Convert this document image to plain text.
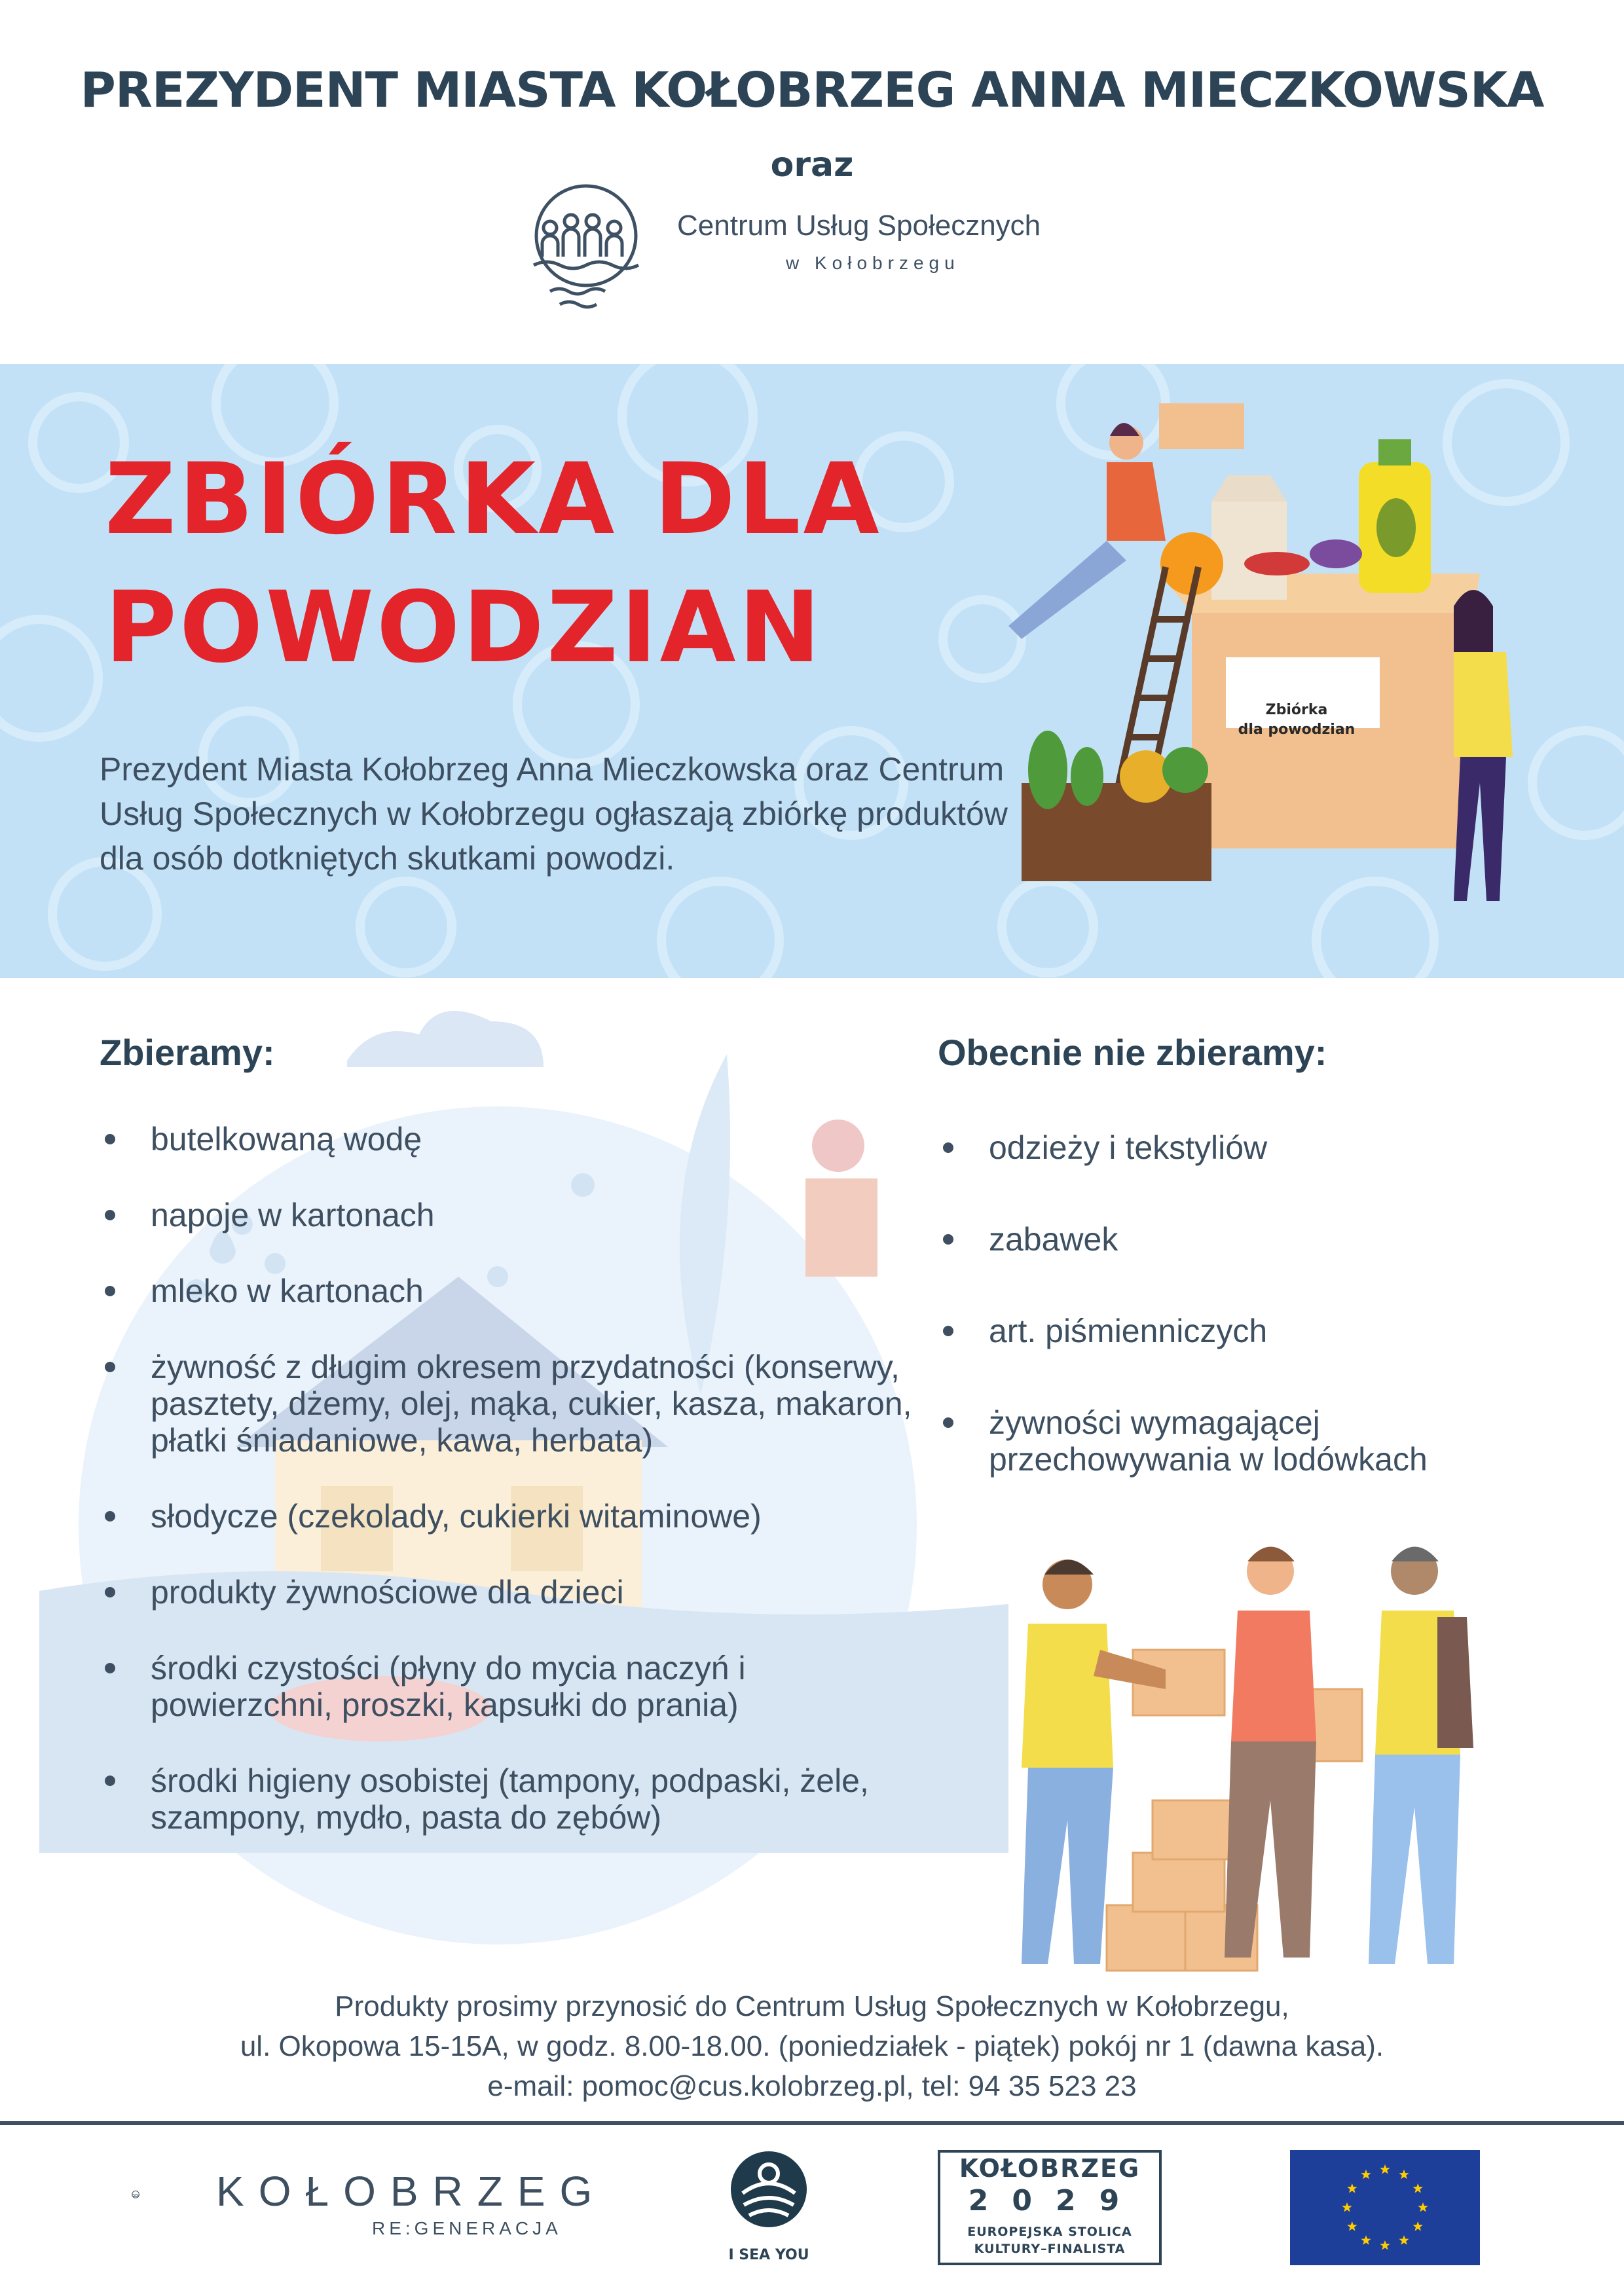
PREZYDENT MIASTA KOŁOBRZEG ANNA MIECZKOWSKA
oraz
Centrum Usług Społecznych
w Kołobrzegu
ZBIÓRKA DLA
POWODZIAN
Prezydent Miasta Kołobrzeg Anna Mieczkowska oraz Centrum Usług Społecznych w Kołobrzegu ogłaszają zbiórkę produktów dla osób dotkniętych skutkami powodzi.
Zbiórka
dla powodzian
Zbieramy:
butelkowaną wodę
napoje w kartonach
mleko w kartonach
żywność z długim okresem przydatności (konserwy, pasztety, dżemy, olej, mąka, cukier, kasza, makaron, płatki śniadaniowe, kawa, herbata)
słodycze (czekolady, cukierki witaminowe)
produkty żywnościowe dla dzieci
środki czystości (płyny do mycia naczyń i powierzchni, proszki, kapsułki do prania)
środki higieny osobistej (tampony, podpaski, żele, szampony, mydło, pasta do zębów)
Obecnie nie zbieramy:
odzieży i tekstyliów
zabawek
art. piśmienniczych
żywności wymagającej przechowywania w lodówkach
Produkty prosimy przynosić do Centrum Usług Społecznych w Kołobrzegu,
ul. Okopowa 15-15A, w godz. 8.00-18.00. (poniedziałek - piątek) pokój nr 1 (dawna kasa).
e-mail: pomoc@cus.kolobrzeg.pl, tel: 94 35 523 23
KOŁOBRZEG
RE:GENERACJA
I SEA YOU
KOŁOBRZEG
2029
EUROPEJSKA STOLICA
KULTURY–FINALISTA
